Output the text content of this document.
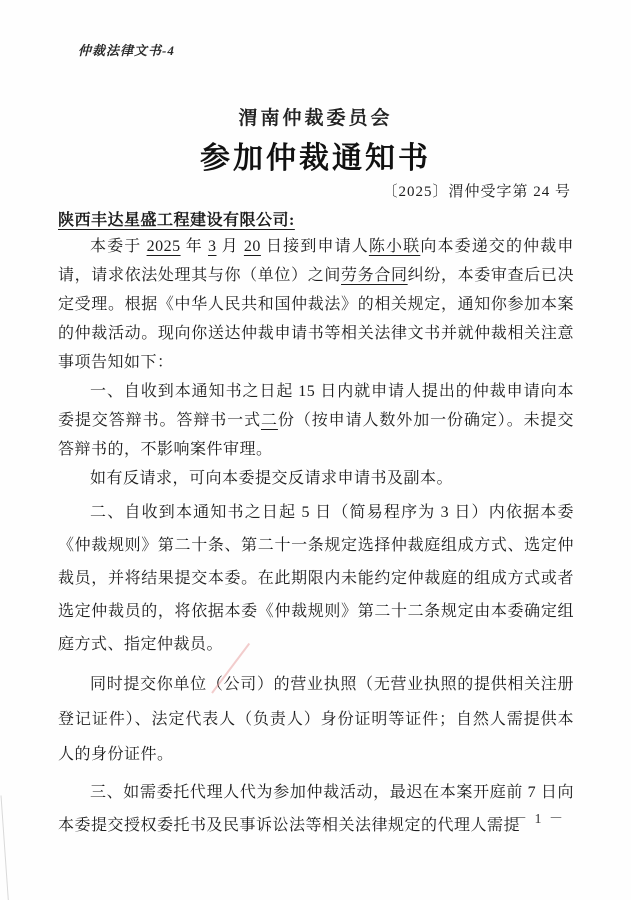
仲裁法律文书-4
渭南仲裁委员会
参加仲裁通知书
〔2025〕渭仲受字第 24 号
陕西丰达星盛工程建设有限公司:

本委于 2025 年 3 月 20 日接到申请人陈小联向本委递交的仲裁申请，请求依法处理其与你（单位）之间劳务合同纠纷，本委审查后已决定受理。根据《中华人民共和国仲裁法》的相关规定，通知你参加本案的仲裁活动。现向你送达仲裁申请书等相关法律文书并就仲裁相关注意事项告知如下：

一、自收到本通知书之日起 15 日内就申请人提出的仲裁申请向本委提交答辩书。答辩书一式二份（按申请人数外加一份确定）。未提交答辩书的，不影响案件审理。

如有反请求，可向本委提交反请求申请书及副本。

二、自收到本通知书之日起 5 日（简易程序为 3 日）内依据本委《仲裁规则》第二十条、第二十一条规定选择仲裁庭组成方式、选定仲裁员，并将结果提交本委。在此期限内未能约定仲裁庭的组成方式或者选定仲裁员的，将依据本委《仲裁规则》第二十二条规定由本委确定组庭方式、指定仲裁员。

同时提交你单位（公司）的营业执照（无营业执照的提供相关注册登记证件）、法定代表人（负责人）身份证明等证件；自然人需提供本人的身份证件。

三、如需委托代理人代为参加仲裁活动，最迟在本案开庭前 7 日向本委提交授权委托书及民事诉讼法等相关法律规定的代理人需提

－ 1 －
